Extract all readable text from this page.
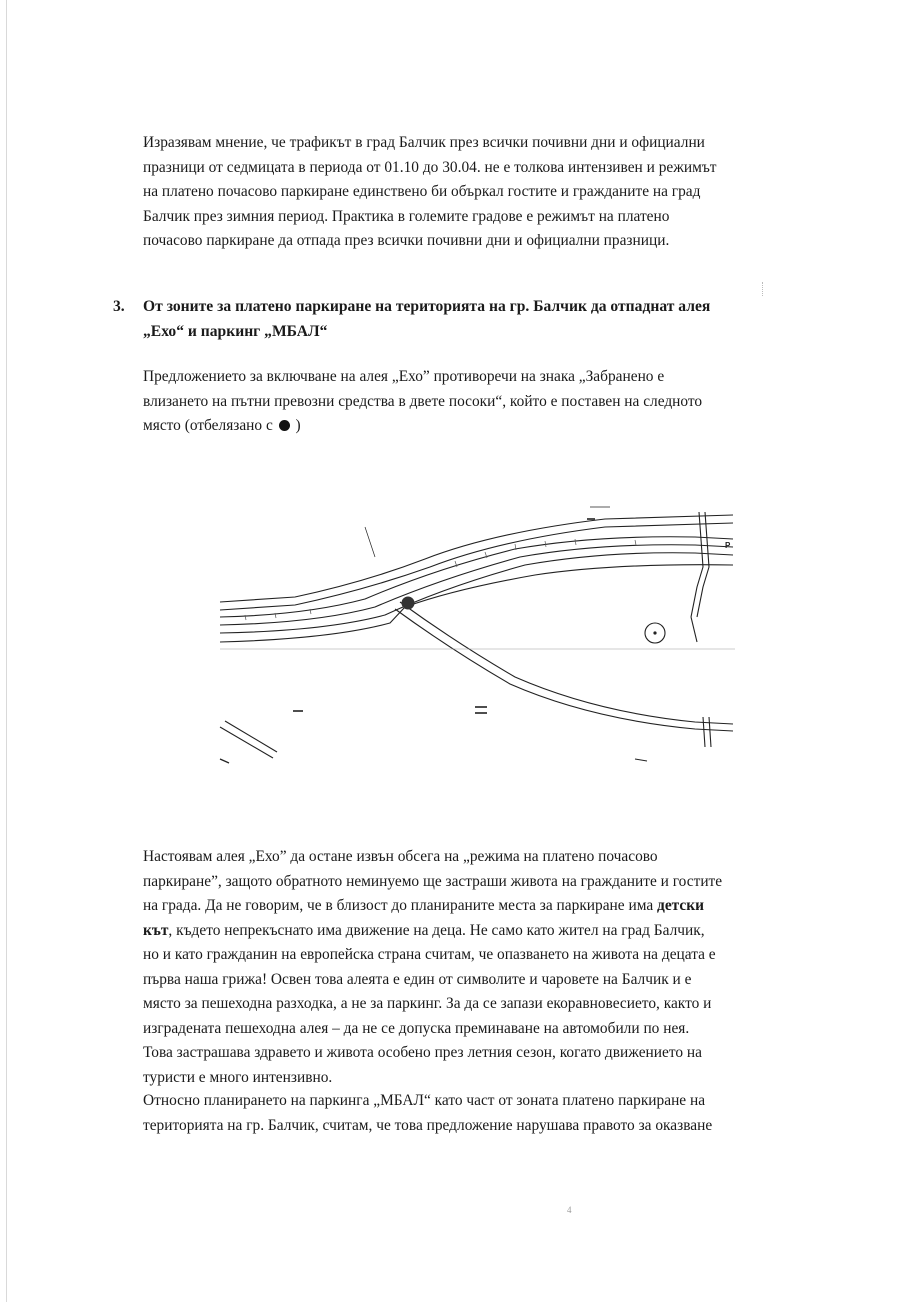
Изразявам мнение, че трафикът в град Балчик през всички почивни дни и официални
празници от седмицата в периода от 01.10 до 30.04. не е толкова интензивен и режимът
на платено почасово паркиране единствено би объркал гостите и гражданите на град
Балчик през зимния период. Практика в големите градове е режимът на платено
почасово паркиране да отпада през всички почивни дни и официални празници.

3. От зоните за платено паркиране на територията на гр. Балчик да отпаднат алея
„Ехо“ и паркинг „МБАЛ“

Предложението за включване на алея „Ехо” противоречи на знака „Забранено е
влизането на пътни превозни средства в двете посоки“, който е поставен на следното
място (отбелязано с  )

P

Настоявам алея „Ехо” да остане извън обсега на „режима на платено почасово
паркиране”, защото обратното неминуемо ще застраши живота на гражданите и гостите
на града. Да не говорим, че в близост до планираните места за паркиране има детски
кът, където непрекъснато има движение на деца. Не само като жител на град Балчик,
но и като гражданин на европейска страна считам, че опазването на живота на децата е
първа наша грижа! Освен това алеята е един от символите и чаровете на Балчик и е
място за пешеходна разходка, а не за паркинг. За да се запази екоравновесието, както и
изградената пешеходна алея – да не се допуска преминаване на автомобили по нея.
Това застрашава здравето и живота особено през летния сезон, когато движението на
туристи е много интензивно.

Относно планирането на паркинга „МБАЛ“ като част от зоната платено паркиране на
територията на гр. Балчик, считам, че това предложение нарушава правото за оказване

4
